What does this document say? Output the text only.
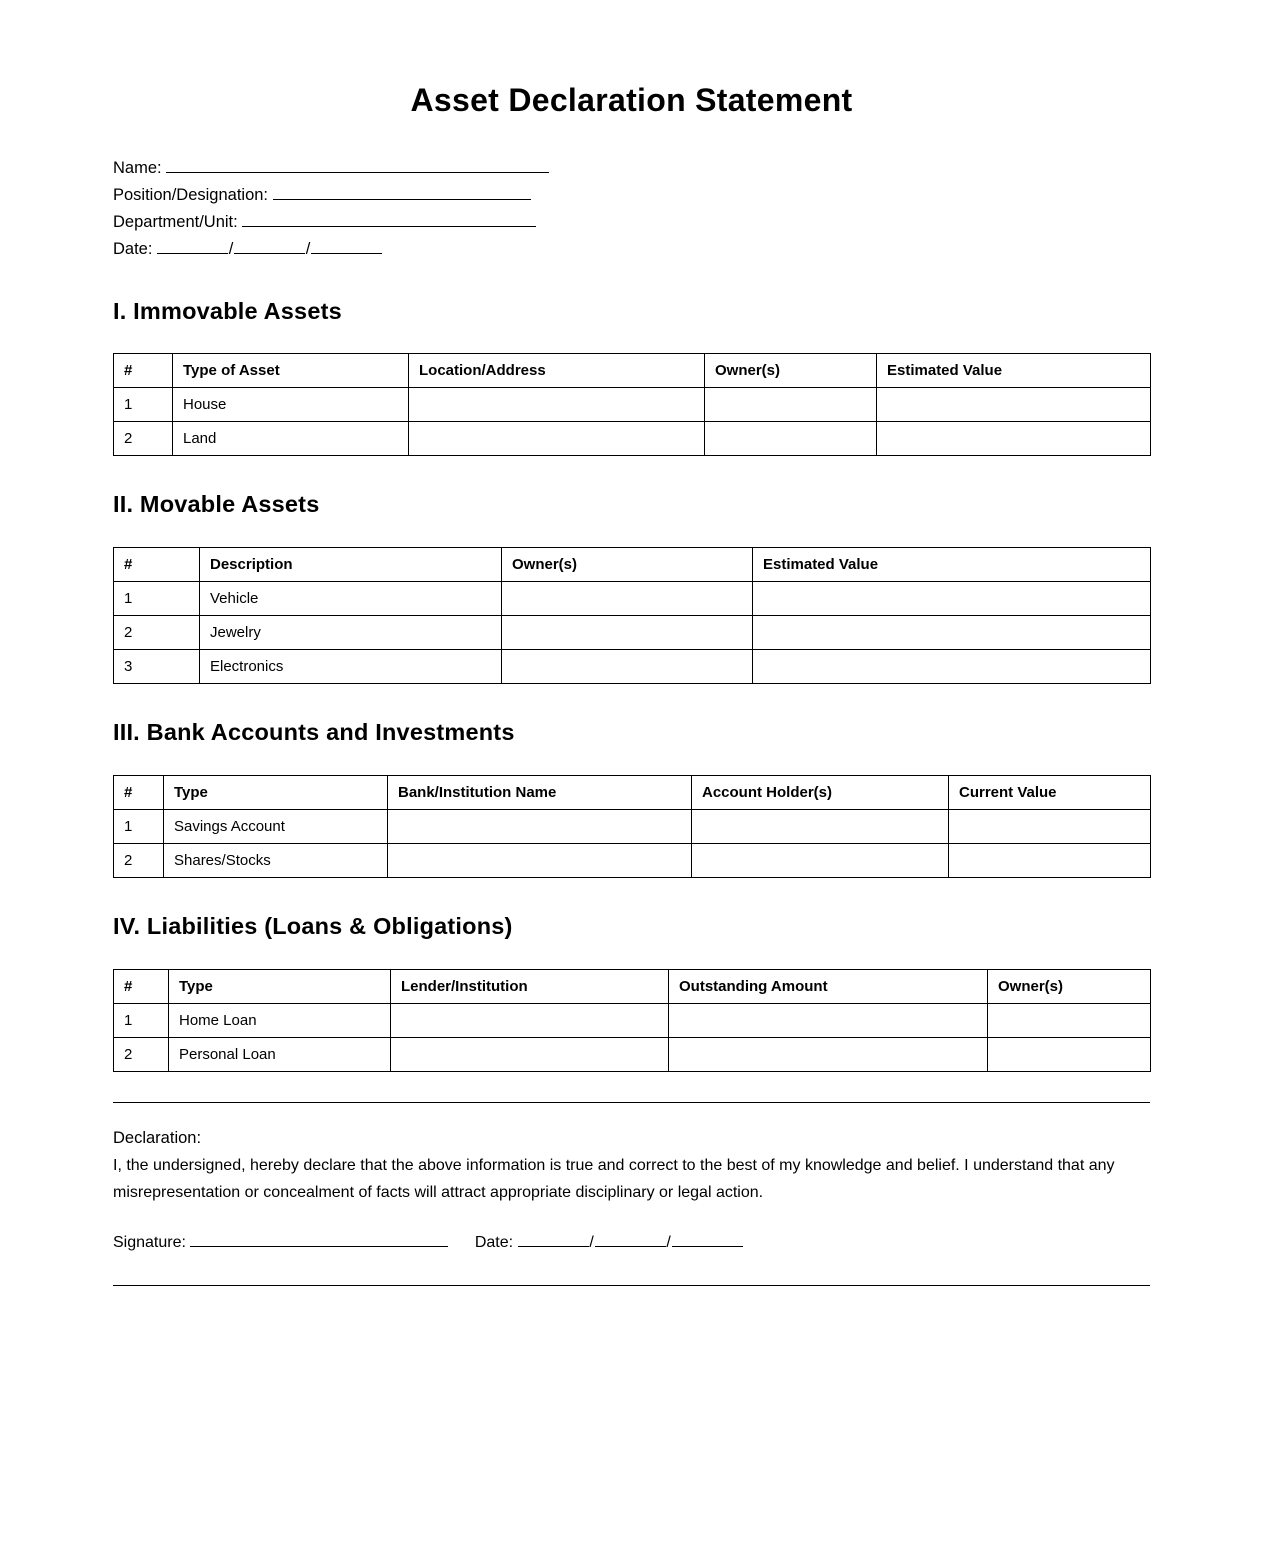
Asset Declaration Statement
Name:
Position/Designation:
Department/Unit:
Date:	/	/
I. Immovable Assets
#	Type of Asset	Location/Address	Owner(s)	Estimated Value
1	House			
2	Land			
II. Movable Assets
#	Description	Owner(s)	Estimated Value
1	Vehicle		
2	Jewelry		
3	Electronics		
III. Bank Accounts and Investments
#	Type	Bank/Institution Name	Account Holder(s)	Current Value
1	Savings Account			
2	Shares/Stocks			
IV. Liabilities (Loans & Obligations)
#	Type	Lender/Institution	Outstanding Amount	Owner(s)
1	Home Loan			
2	Personal Loan			
Declaration:
I, the undersigned, hereby declare that the above information is true and correct to the best of my knowledge and belief. I understand that any misrepresentation or concealment of facts will attract appropriate disciplinary or legal action.
Signature:	Date:	/	/
